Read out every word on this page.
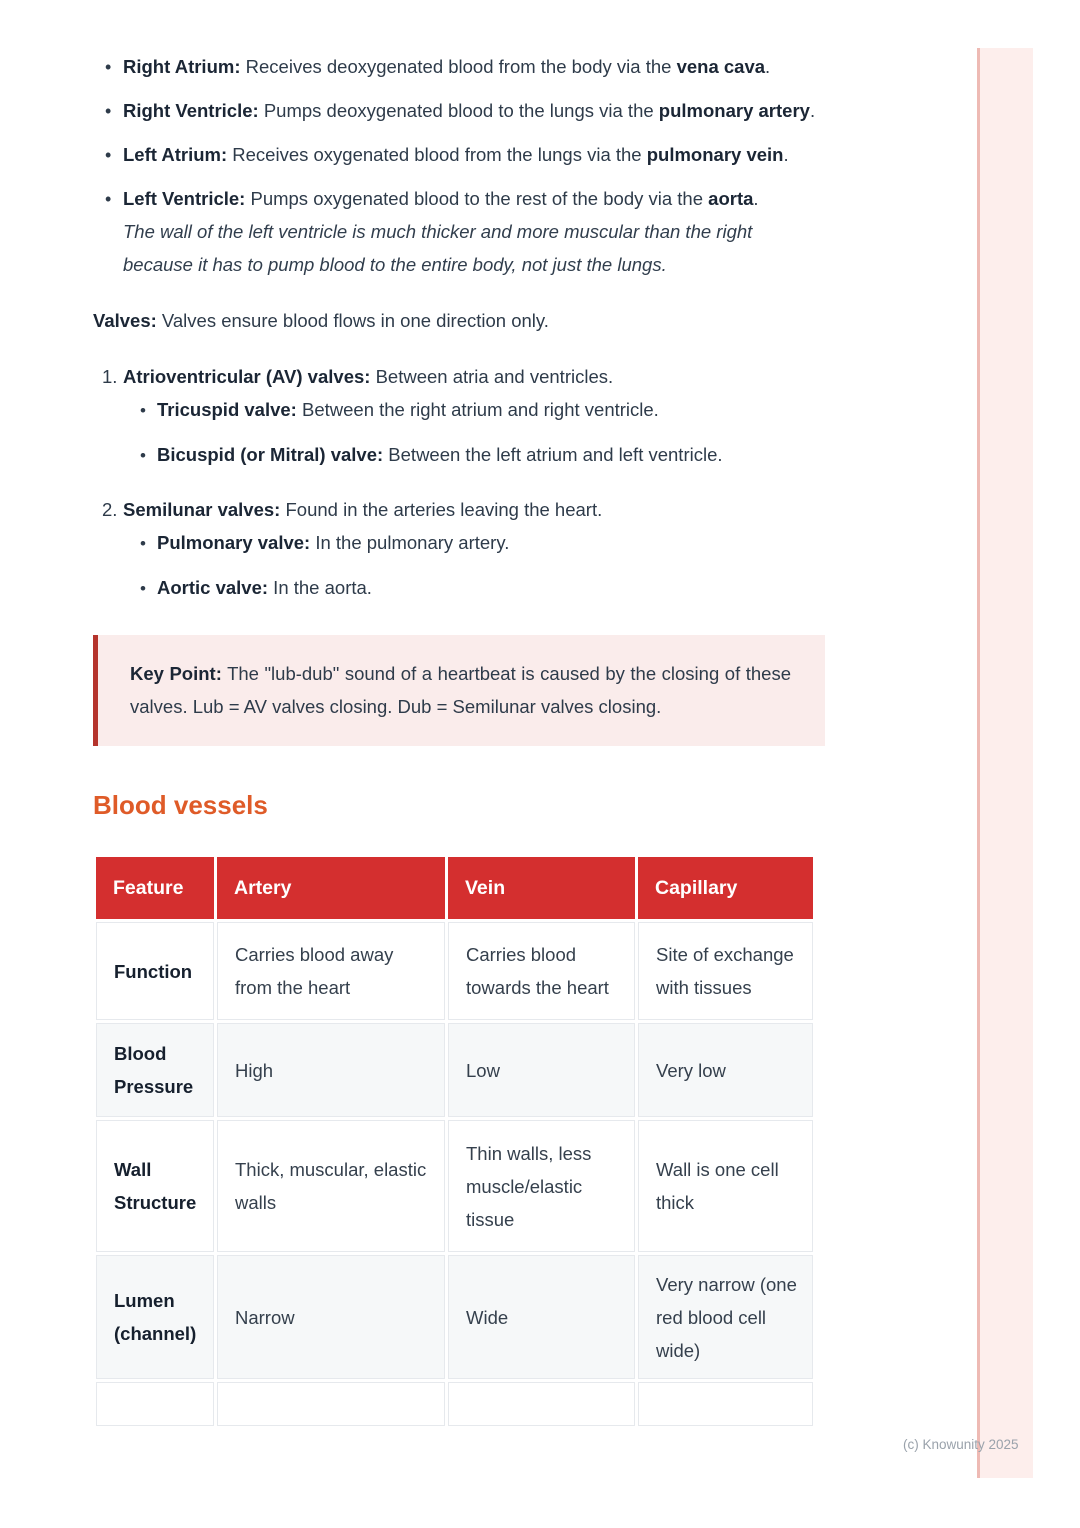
•
Right Atrium: Receives deoxygenated blood from the body via the vena cava.
•
Right Ventricle: Pumps deoxygenated blood to the lungs via the pulmonary artery.
•
Left Atrium: Receives oxygenated blood from the lungs via the pulmonary vein.
•
Left Ventricle: Pumps oxygenated blood to the rest of the body via the aorta.
The wall of the left ventricle is much thicker and more muscular than the right because it has to pump blood to the entire body, not just the lungs.

Valves: Valves ensure blood flows in one direction only.

1. Atrioventricular (AV) valves: Between atria and ventricles.
•
Tricuspid valve: Between the right atrium and right ventricle.
•
Bicuspid (or Mitral) valve: Between the left atrium and left ventricle.
2. Semilunar valves: Found in the arteries leaving the heart.
•
Pulmonary valve: In the pulmonary artery.
•
Aortic valve: In the aorta.
Key Point: The "lub-dub" sound of a heartbeat is caused by the closing of these valves. Lub = AV valves closing. Dub = Semilunar valves closing.
Blood vessels
Feature	Artery	Vein	Capillary
Function	Carries blood away from the heart	Carries blood towards the heart	Site of exchange with tissues
Blood Pressure	High	Low	Very low
Wall Structure	Thick, muscular, elastic walls	Thin walls, less muscle/elastic tissue	Wall is one cell thick
Lumen (channel)	Narrow	Wide	Very narrow (one red blood cell wide)

(c) Knowunity 2025
